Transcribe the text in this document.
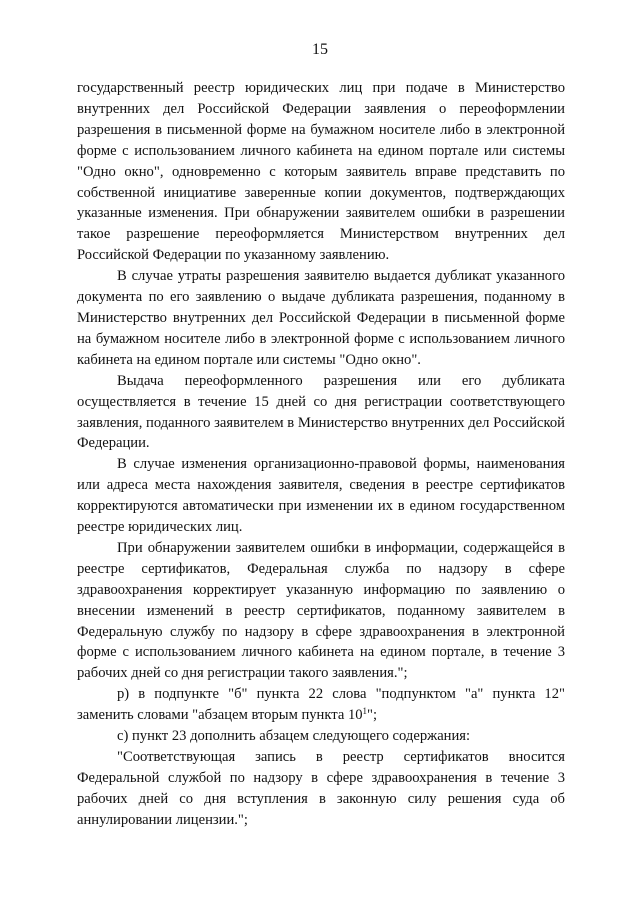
15

государственный реестр юридических лиц при подаче в Министерство внутренних дел Российской Федерации заявления о переоформлении разрешения в письменной форме на бумажном носителе либо в электронной форме с использованием личного кабинета на едином портале или системы "Одно окно", одновременно с которым заявитель вправе представить по собственной инициативе заверенные копии документов, подтверждающих указанные изменения. При обнаружении заявителем ошибки в разрешении такое разрешение переоформляется Министерством внутренних дел Российской Федерации по указанному заявлению.

В случае утраты разрешения заявителю выдается дубликат указанного документа по его заявлению о выдаче дубликата разрешения, поданному в Министерство внутренних дел Российской Федерации в письменной форме на бумажном носителе либо в электронной форме с использованием личного кабинета на едином портале или системы "Одно окно".

Выдача переоформленного разрешения или его дубликата осуществляется в течение 15 дней со дня регистрации соответствующего заявления, поданного заявителем в Министерство внутренних дел Российской Федерации.

В случае изменения организационно-правовой формы, наименования или адреса места нахождения заявителя, сведения в реестре сертификатов корректируются автоматически при изменении их в едином государственном реестре юридических лиц.

При обнаружении заявителем ошибки в информации, содержащейся в реестре сертификатов, Федеральная служба по надзору в сфере здравоохранения корректирует указанную информацию по заявлению о внесении изменений в реестр сертификатов, поданному заявителем в Федеральную службу по надзору в сфере здравоохранения в электронной форме с использованием личного кабинета на едином портале, в течение 3 рабочих дней со дня регистрации такого заявления.";

р) в подпункте "б" пункта 22 слова "подпунктом "а" пункта 12" заменить словами "абзацем вторым пункта $10^1$";

с) пункт 23 дополнить абзацем следующего содержания:

"Соответствующая запись в реестр сертификатов вносится Федеральной службой по надзору в сфере здравоохранения в течение 3 рабочих дней со дня вступления в законную силу решения суда об аннулировании лицензии.";
